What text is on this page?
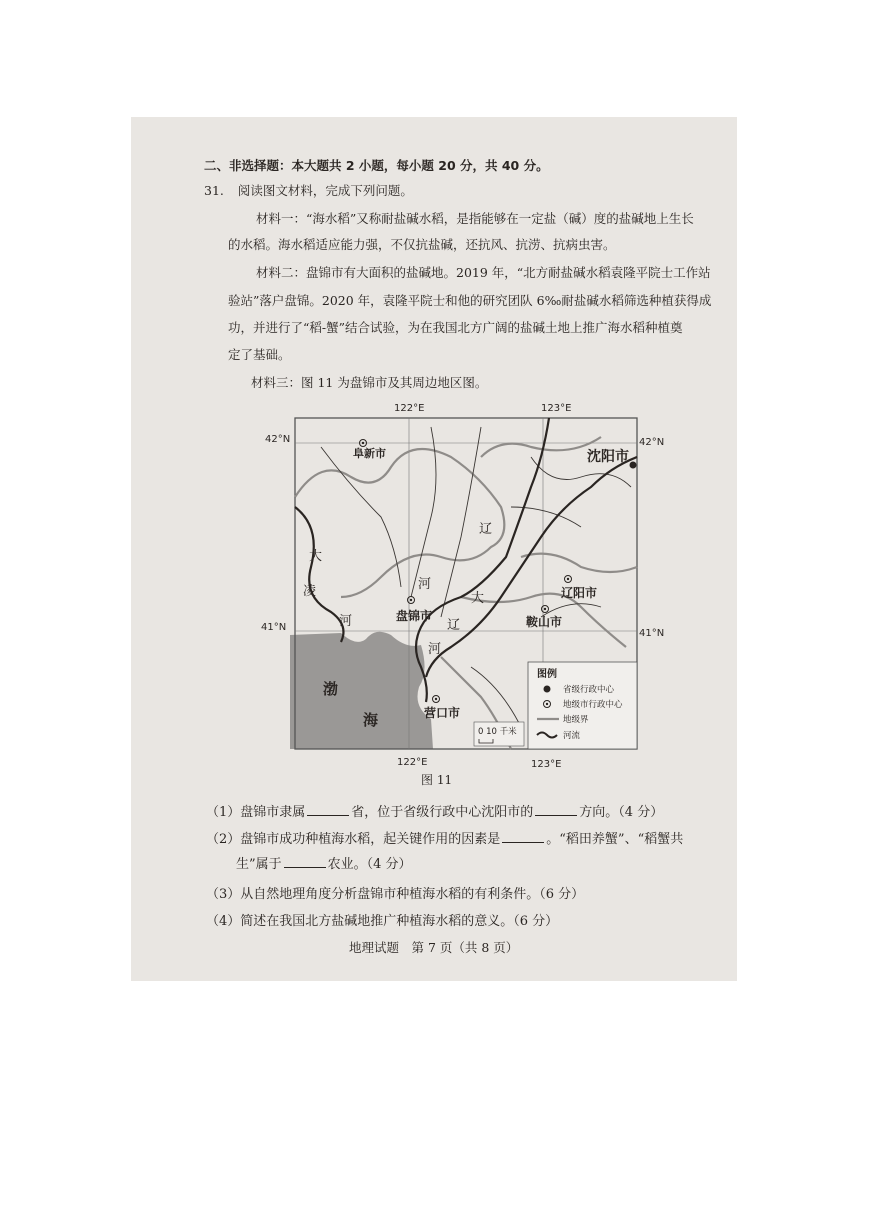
二、非选择题：本大题共 2 小题，每小题 20 分，共 40 分。
31. 阅读图文材料，完成下列问题。
材料一：“海水稻”又称耐盐碱水稻，是指能够在一定盐（碱）度的盐碱地上生长
的水稻。海水稻适应能力强，不仅抗盐碱，还抗风、抗涝、抗病虫害。
材料二：盘锦市有大面积的盐碱地。2019 年，“北方耐盐碱水稻袁隆平院士工作站
验站”落户盘锦。2020 年，袁隆平院士和他的研究团队 6‰耐盐碱水稻筛选种植获得成
功，并进行了“稻-蟹”结合试验，为在我国北方广阔的盐碱土地上推广海水稻种植奠
定了基础。
材料三：图 11 为盘锦市及其周边地区图。
122°E	123°E
122°E	123°E
42°N	42°N
41°N
41°N
阜新市	沈阳市
盘锦市
辽阳市
鞍山市
营口市
大
凌
河
辽
河
大
辽
河
渤
海
0 10 千米
图例
省级行政中心
地级市行政中心
地级界
河流
图 11
（1）盘锦市隶属	省，位于省级行政中心沈阳市的	方向。（4 分）
（2）盘锦市成功种植海水稻，起关键作用的因素是	。“稻田养蟹”、“稻蟹共
生”属于	农业。（4 分）
（3）从自然地理角度分析盘锦市种植海水稻的有利条件。（6 分）
（4）简述在我国北方盐碱地推广种植海水稻的意义。（6 分）
地理试题　第 7 页（共 8 页）
